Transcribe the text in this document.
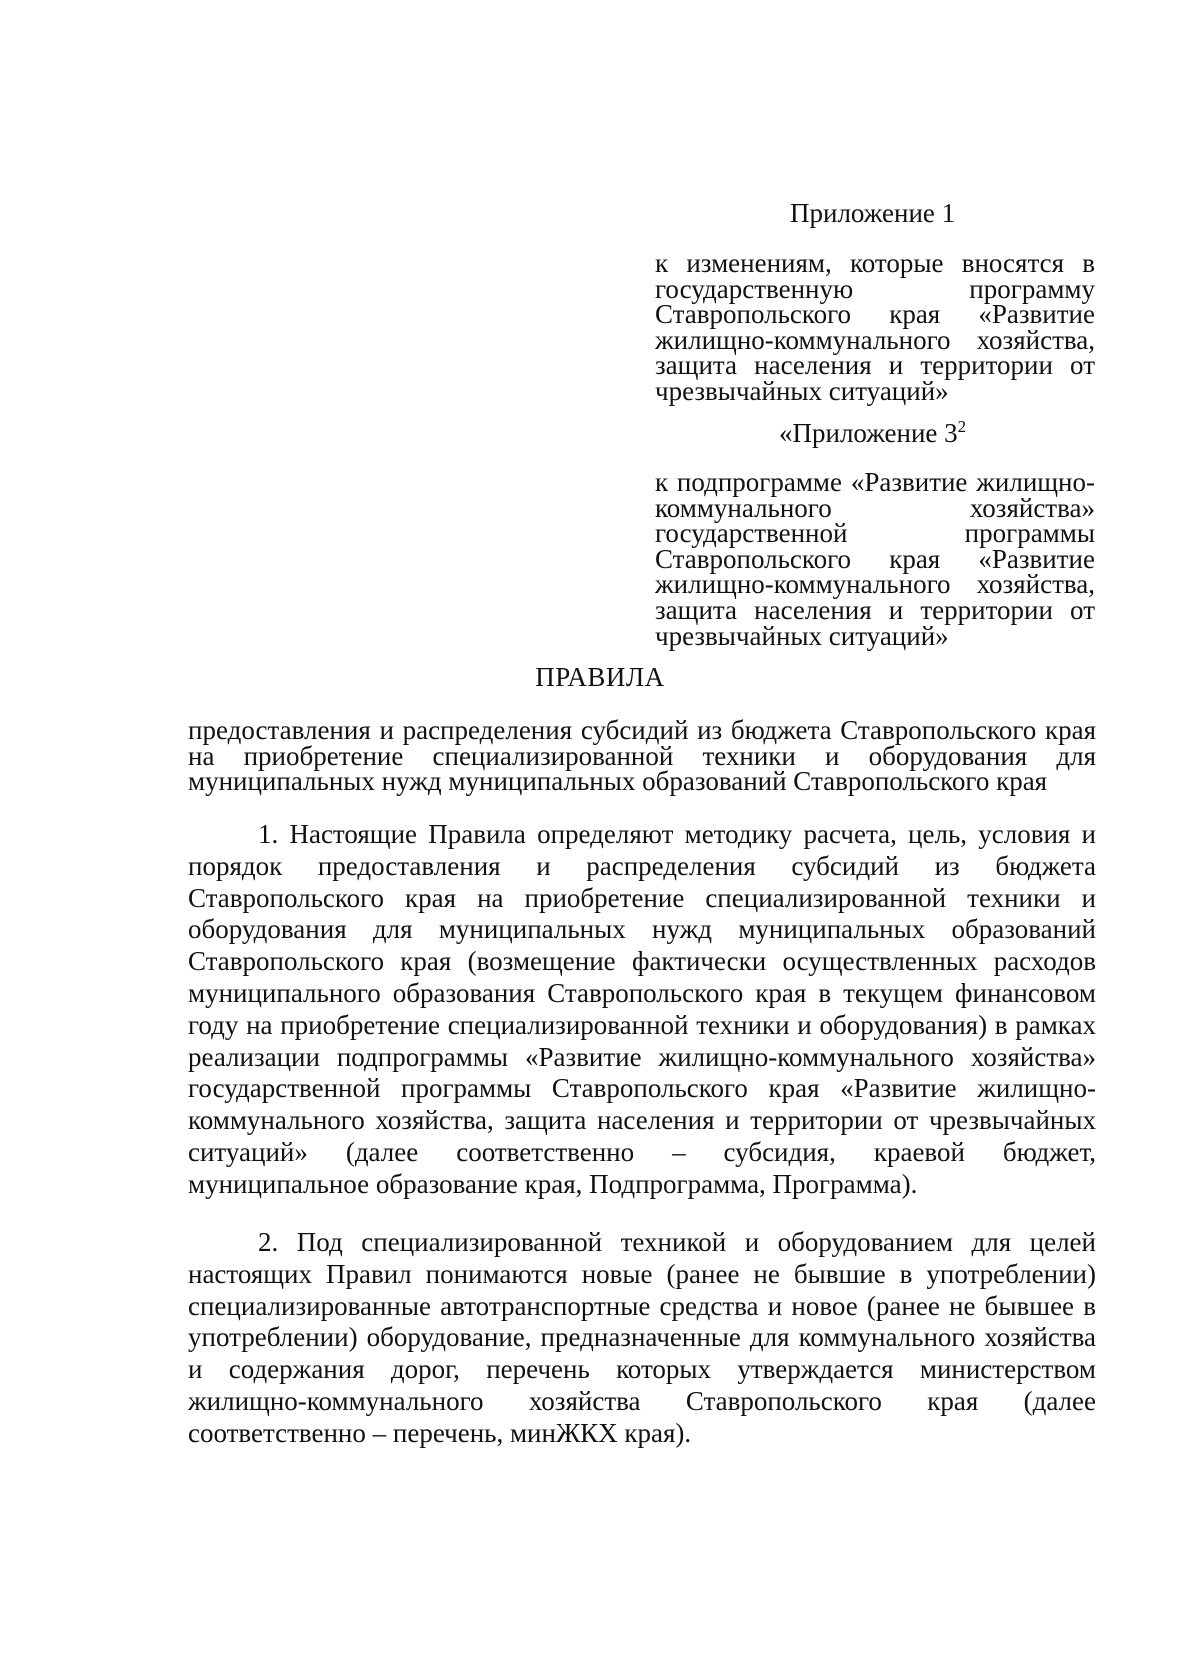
Приложение 1
к изменениям, которые вносятся в государственную программу Ставропольского края «Развитие жилищно-коммунального хозяйства, защита населения и территории от чрезвычайных ситуаций»
«Приложение $3^2$
к подпрограмме «Развитие жилищно-коммунального хозяйства» государственной программы Ставропольского края «Развитие жилищно-коммунального хозяйства, защита населения и территории от чрезвычайных ситуаций»
ПРАВИЛА
предоставления и распределения субсидий из бюджета Ставропольского края на приобретение специализированной техники и оборудования для муниципальных нужд муниципальных образований Ставропольского края
1. Настоящие Правила определяют методику расчета, цель, условия и порядок предоставления и распределения субсидий из бюджета Ставропольского края на приобретение специализированной техники и оборудования для муниципальных нужд муниципальных образований Ставропольского края (возмещение фактически осуществленных расходов муниципального образования Ставропольского края в текущем финансовом году на приобретение специализированной техники и оборудования) в рамках реализации подпрограммы «Развитие жилищно-коммунального хозяйства» государственной программы Ставропольского края «Развитие жилищно-коммунального хозяйства, защита населения и территории от чрезвычайных ситуаций» (далее соответственно – субсидия, краевой бюджет, муниципальное образование края, Подпрограмма, Программа).
2. Под специализированной техникой и оборудованием для целей настоящих Правил понимаются новые (ранее не бывшие в употреблении) специализированные автотранспортные средства и новое (ранее не бывшее в употреблении) оборудование, предназначенные для коммунального хозяйства и содержания дорог, перечень которых утверждается министерством жилищно-коммунального хозяйства Ставропольского края (далее соответственно – перечень, минЖКХ края).
